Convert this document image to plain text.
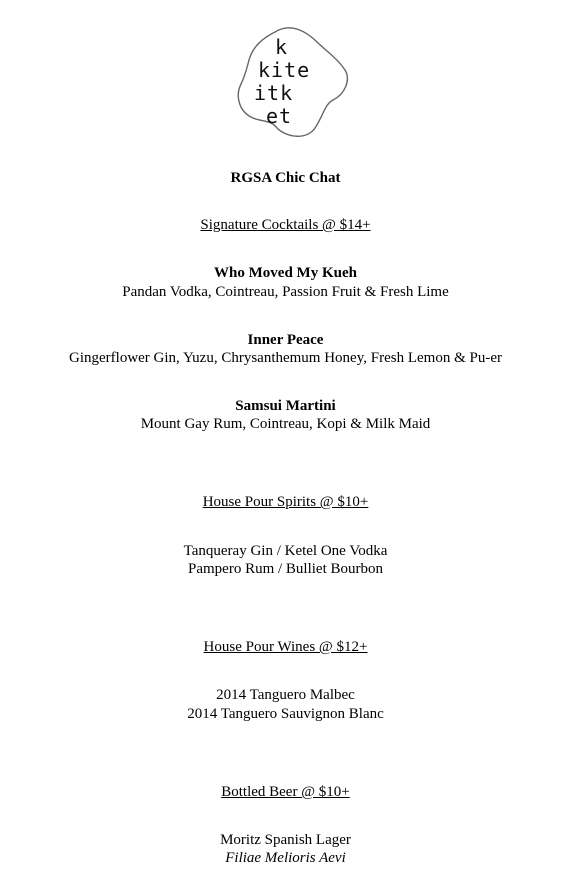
k
kite
itk
et
RGSA Chic Chat
Signature Cocktails @ $14+
Who Moved My Kueh
Pandan Vodka, Cointreau, Passion Fruit & Fresh Lime
Inner Peace
Gingerflower Gin, Yuzu, Chrysanthemum Honey, Fresh Lemon & Pu-er
Samsui Martini
Mount Gay Rum, Cointreau, Kopi & Milk Maid
House Pour Spirits @ $10+
Tanqueray Gin / Ketel One Vodka
Pampero Rum / Bulliet Bourbon
House Pour Wines @ $12+
2014 Tanguero Malbec
2014 Tanguero Sauvignon Blanc
Bottled Beer @ $10+
Moritz Spanish Lager
Filiae Melioris Aevi
